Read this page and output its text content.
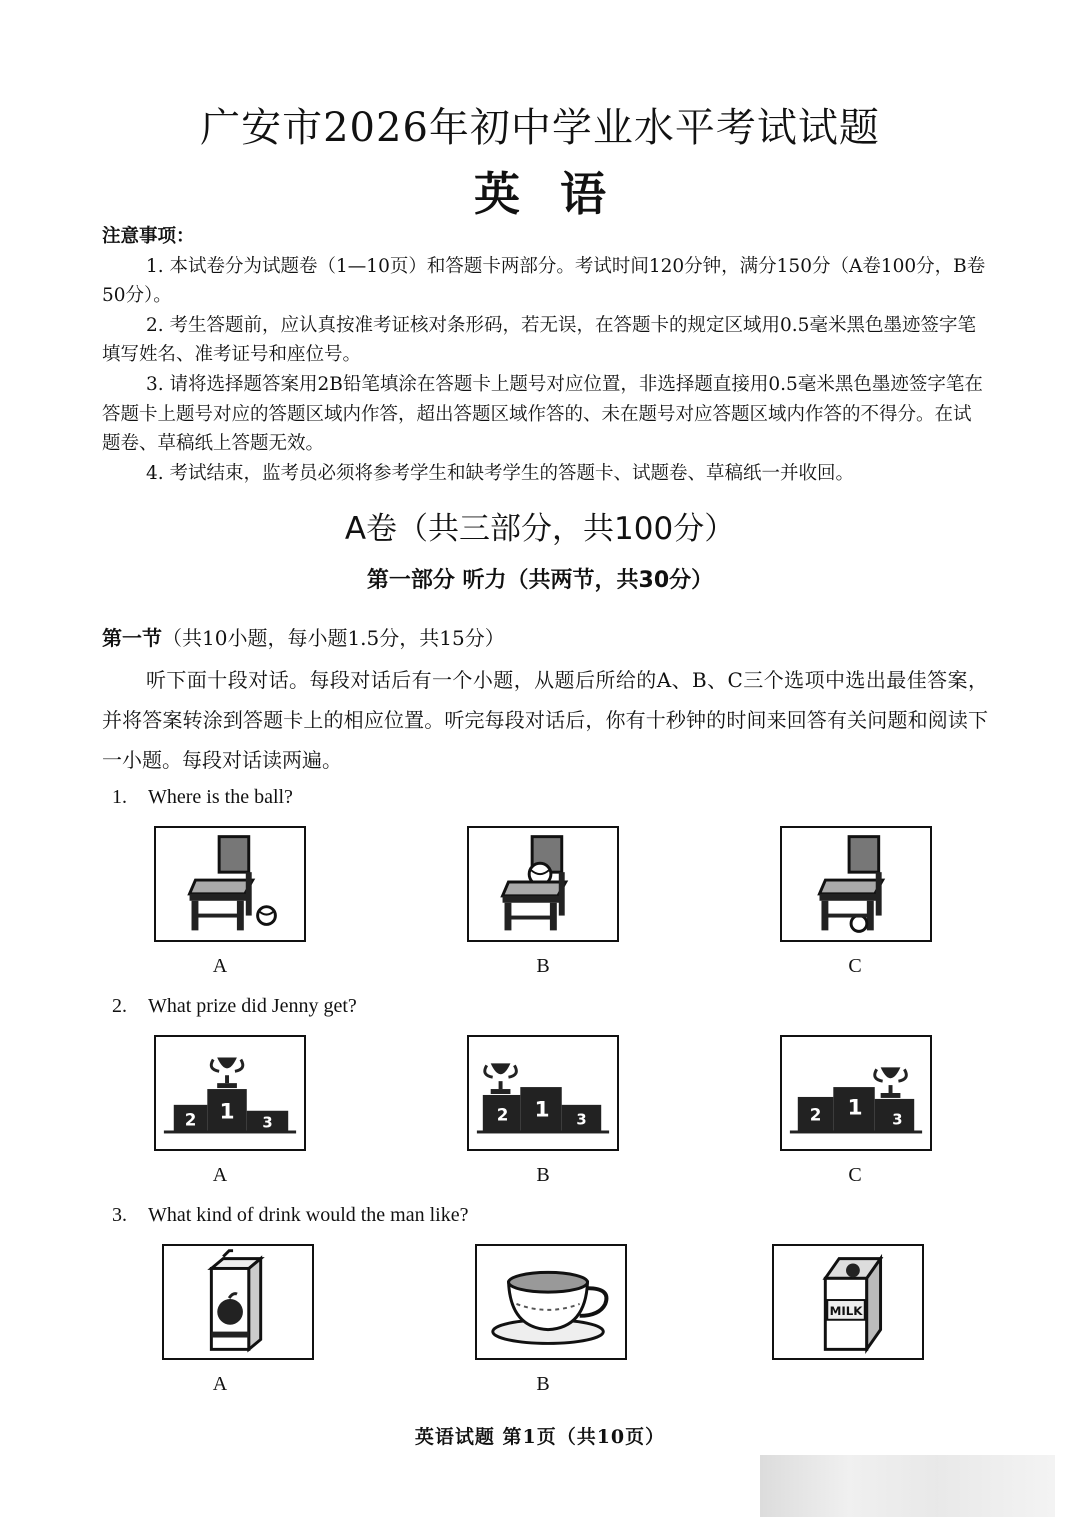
广安市2026年初中学业水平考试试题
英语
注意事项：
1. 本试卷分为试题卷（1—10页）和答题卡两部分。考试时间120分钟，满分150分（A卷100分，B卷50分）。
2. 考生答题前，应认真按准考证核对条形码，若无误，在答题卡的规定区域用0.5毫米黑色墨迹签字笔填写姓名、准考证号和座位号。
3. 请将选择题答案用2B铅笔填涂在答题卡上题号对应位置，非选择题直接用0.5毫米黑色墨迹签字笔在答题卡上题号对应的答题区域内作答，超出答题区域作答的、未在题号对应答题区域内作答的不得分。在试题卷、草稿纸上答题无效。
4. 考试结束，监考员必须将参考学生和缺考学生的答题卡、试题卷、草稿纸一并收回。
A卷（共三部分，共100分）
第一部分 听力（共两节，共30分）
第一节（共10小题，每小题1.5分，共15分）
听下面十段对话。每段对话后有一个小题，从题后所给的A、B、C三个选项中选出最佳答案，并将答案转涂到答题卡上的相应位置。听完每段对话后，你有十秒钟的时间来回答有关问题和阅读下一小题。每段对话读两遍。
1. Where is the ball?
A	B	C
2. What prize did Jenny get?
2 1 3
A
2 1 3
B
2 1 3
C
3. What kind of drink would the man like?
A	B
MILK
英语试题 第1页（共10页）
